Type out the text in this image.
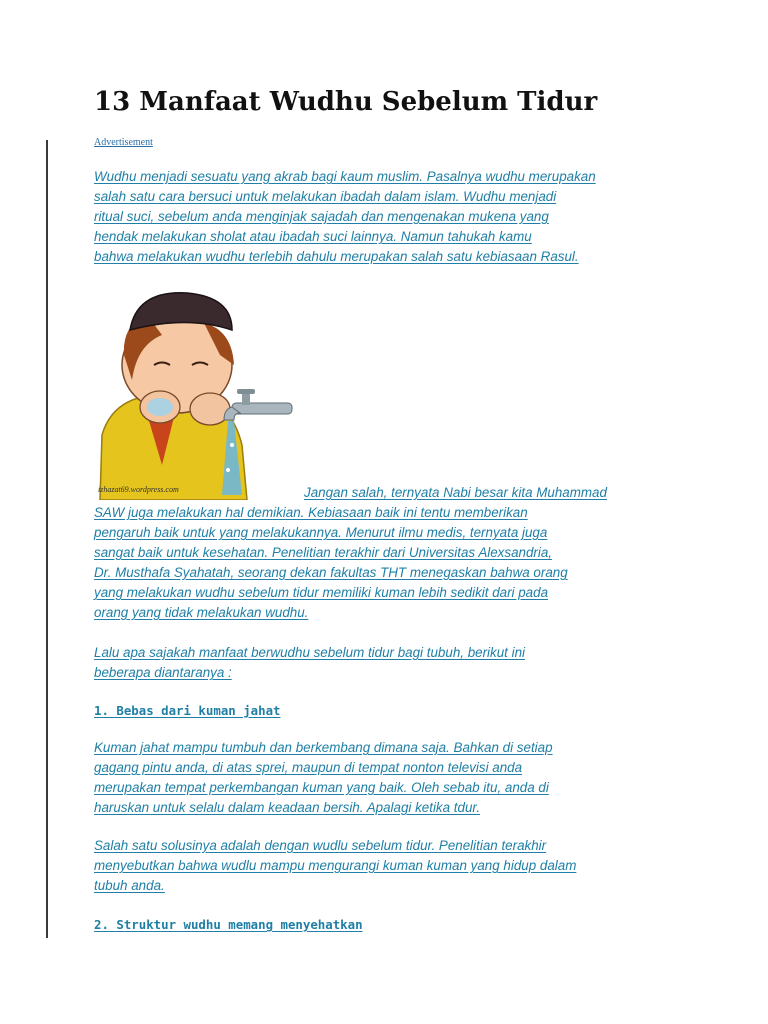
13 Manfaat Wudhu Sebelum Tidur
Advertisement

Wudhu menjadi sesuatu yang akrab bagi kaum muslim. Pasalnya wudhu merupakan
salah satu cara bersuci untuk melakukan ibadah dalam islam. Wudhu menjadi
ritual suci, sebelum anda menginjak sajadah dan mengenakan mukena yang
hendak melakukan sholat atau ibadah suci lainnya. Namun tahukah kamu
bahwa melakukan wudhu terlebih dahulu merupakan salah satu kebiasaan Rasul.

izhazat69.wordpress.com	Jangan salah, ternyata Nabi besar kita Muhammad

SAW juga melakukan hal demikian. Kebiasaan baik ini tentu memberikan
pengaruh baik untuk yang melakukannya. Menurut ilmu medis, ternyata juga
sangat baik untuk kesehatan. Penelitian terakhir dari Universitas Alexsandria,
Dr. Musthafa Syahatah, seorang dekan fakultas THT menegaskan bahwa orang
yang melakukan wudhu sebelum tidur memiliki kuman lebih sedikit dari pada
orang yang tidak melakukan wudhu.

Lalu apa sajakah manfaat berwudhu sebelum tidur bagi tubuh, berikut ini
beberapa diantaranya :

1. Bebas dari kuman jahat

Kuman jahat mampu tumbuh dan berkembang dimana saja. Bahkan di setiap
gagang pintu anda, di atas sprei, maupun di tempat nonton televisi anda
merupakan tempat perkembangan kuman yang baik. Oleh sebab itu, anda di
haruskan untuk selalu dalam keadaan bersih. Apalagi ketika tdur.

Salah satu solusinya adalah dengan wudlu sebelum tidur. Penelitian terakhir
menyebutkan bahwa wudlu mampu mengurangi kuman kuman yang hidup dalam
tubuh anda.

2. Struktur wudhu memang menyehatkan
